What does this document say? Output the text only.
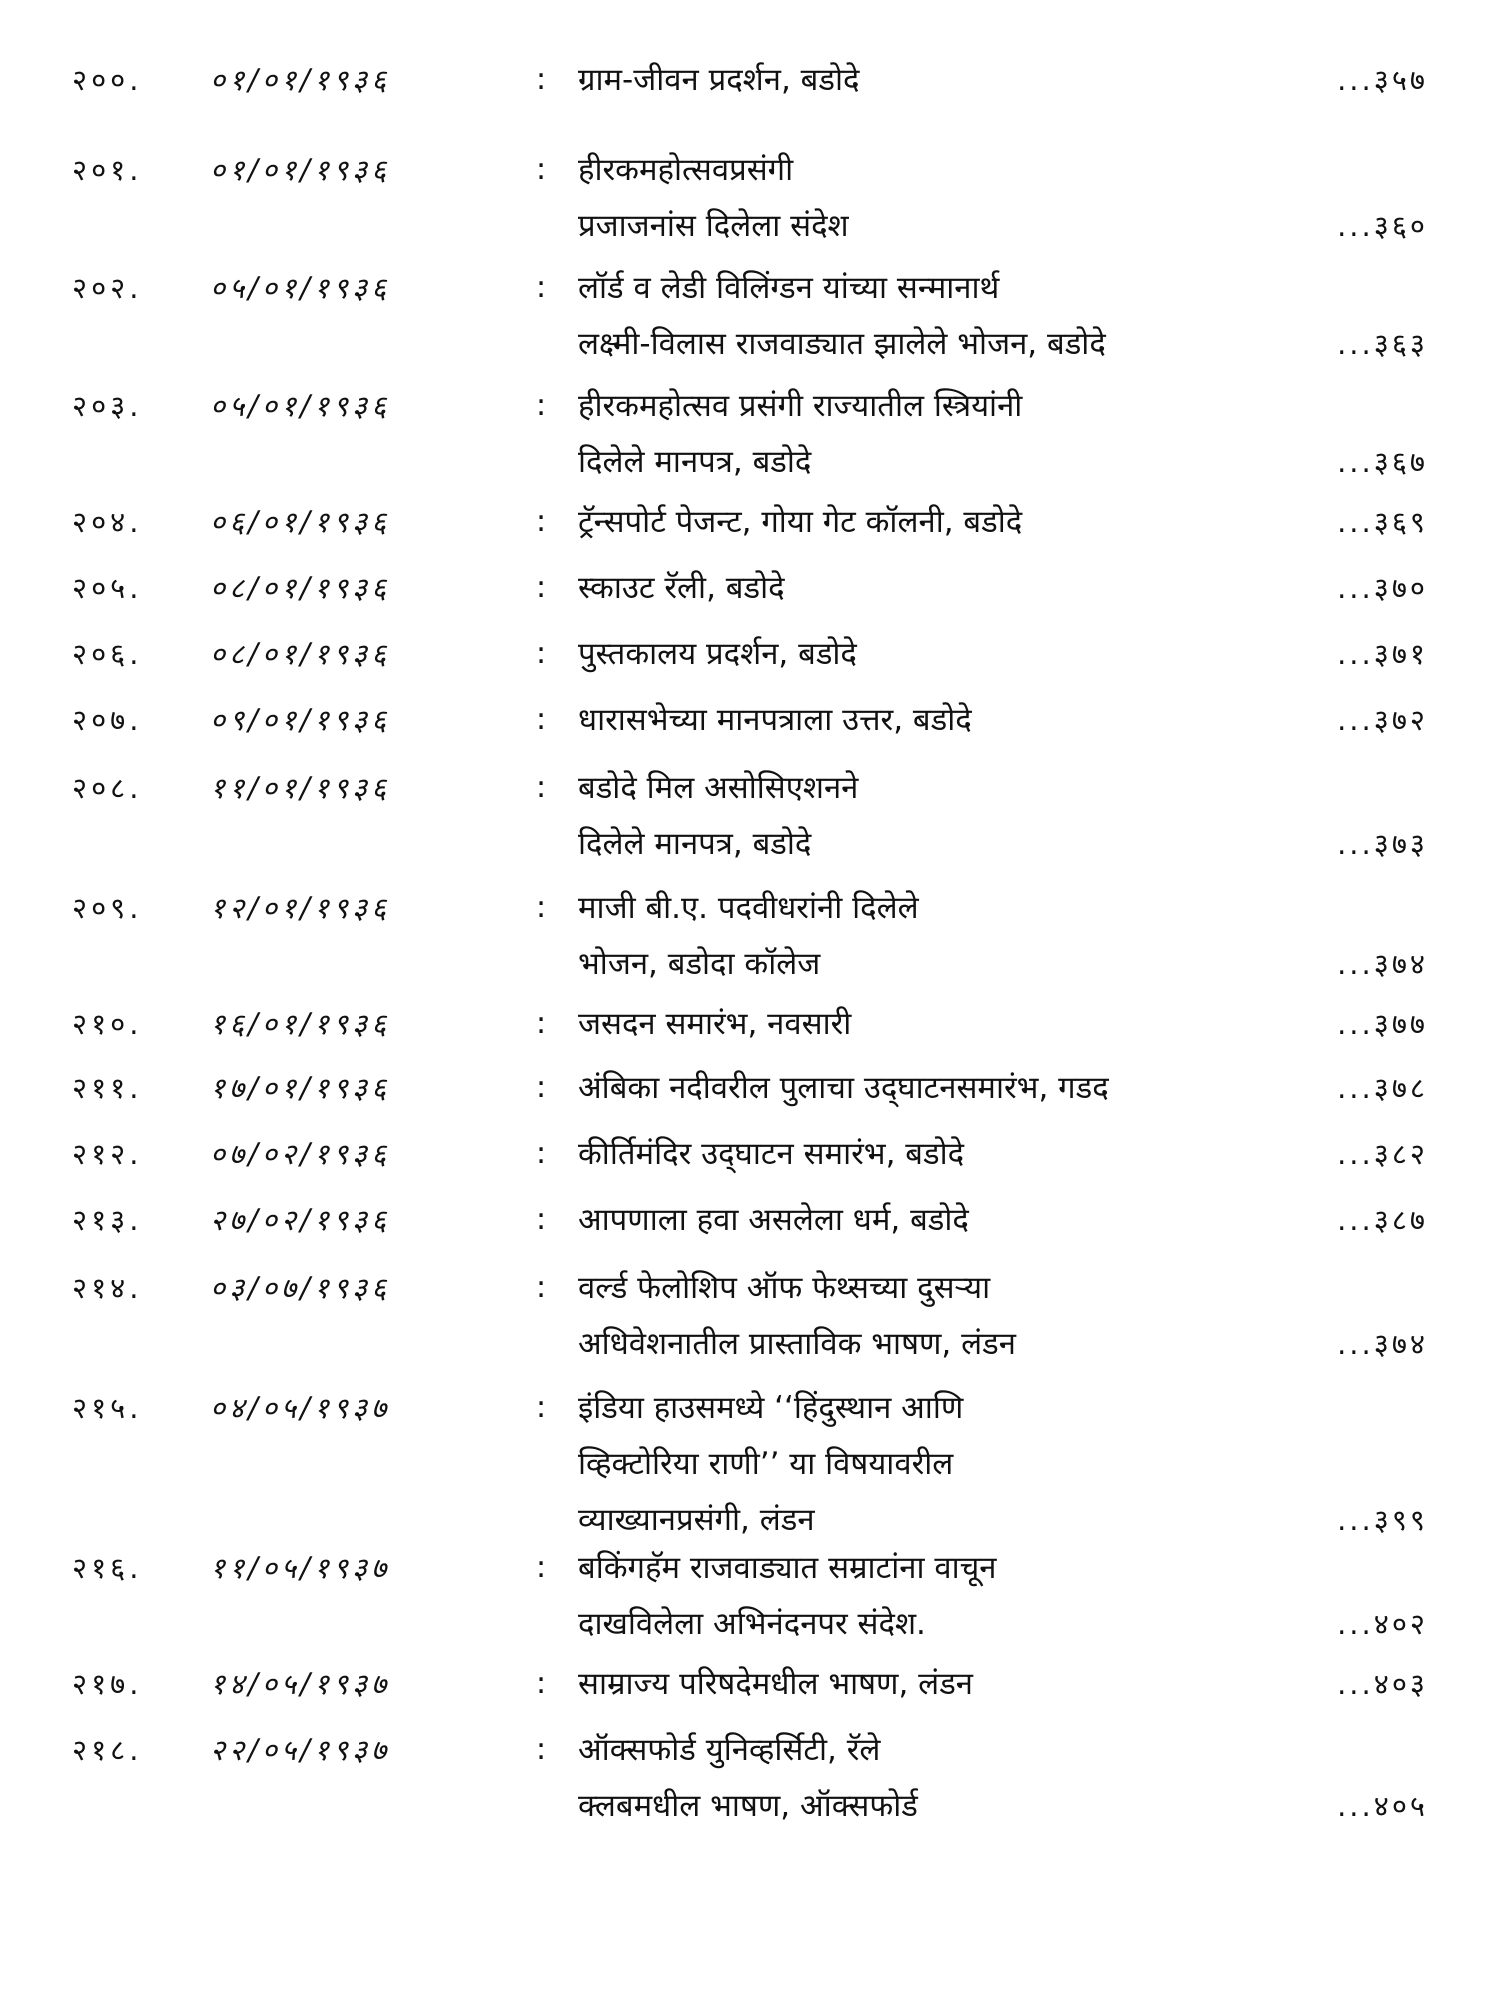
२००. ०१/०१/१९३६	: ग्राम-जीवन प्रदर्शन, बडोदे	...३५७
२०१. ०१/०१/१९३६	: हीरकमहोत्सवप्रसंगी
प्रजाजनांस दिलेला संदेश	...३६०
२०२. ०५/०१/१९३६	: लॉर्ड व लेडी विलिंग्डन यांच्या सन्मानार्थ
लक्ष्मी-विलास राजवाड्यात झालेले भोजन, बडोदे	...३६३
२०३. ०५/०१/१९३६	: हीरकमहोत्सव प्रसंगी राज्यातील स्त्रियांनी
दिलेले मानपत्र, बडोदे	...३६७
२०४. ०६/०१/१९३६	: ट्रॅन्सपोर्ट पेजन्ट, गोया गेट कॉलनी, बडोदे	...३६९
२०५. ०८/०१/१९३६	: स्काउट रॅली, बडोदे	...३७०
२०६. ०८/०१/१९३६	: पुस्तकालय प्रदर्शन, बडोदे	...३७१
२०७. ०९/०१/१९३६	: धारासभेच्या मानपत्राला उत्तर, बडोदे	...३७२
२०८. ११/०१/१९३६	: बडोदे मिल असोसिएशनने
दिलेले मानपत्र, बडोदे	...३७३
२०९. १२/०१/१९३६	: माजी बी.ए. पदवीधरांनी दिलेले
भोजन, बडोदा कॉलेज	...३७४
२१०. १६/०१/१९३६	: जसदन समारंभ, नवसारी	...३७७
२११. १७/०१/१९३६	: अंबिका नदीवरील पुलाचा उद्‌घाटनसमारंभ, गडद	...३७८
२१२. ०७/०२/१९३६	: कीर्तिमंदिर उद्‌घाटन समारंभ, बडोदे	...३८२
२१३. २७/०२/१९३६	: आपणाला हवा असलेला धर्म, बडोदे	...३८७
२१४. ०३/०७/१९३६	: वर्ल्ड फेलोशिप ऑफ फेथ्सच्या दुसऱ्या
अधिवेशनातील प्रास्ताविक भाषण, लंडन	...३७४
२१५. ०४/०५/१९३७	: इंडिया हाउसमध्ये ‘‘हिंदुस्थान आणि
व्हिक्टोरिया राणी’’ या विषयावरील
व्याख्यानप्रसंगी, लंडन	...३९९
२१६. ११/०५/१९३७	: बकिंगहॅम राजवाड्यात सम्राटांना वाचून
दाखविलेला अभिनंदनपर संदेश.	...४०२
२१७. १४/०५/१९३७	: साम्राज्य परिषदेमधील भाषण, लंडन	...४०३
२१८. २२/०५/१९३७	: ऑक्सफोर्ड युनिव्हर्सिटी, रॅले
क्लबमधील भाषण, ऑक्सफोर्ड	...४०५
